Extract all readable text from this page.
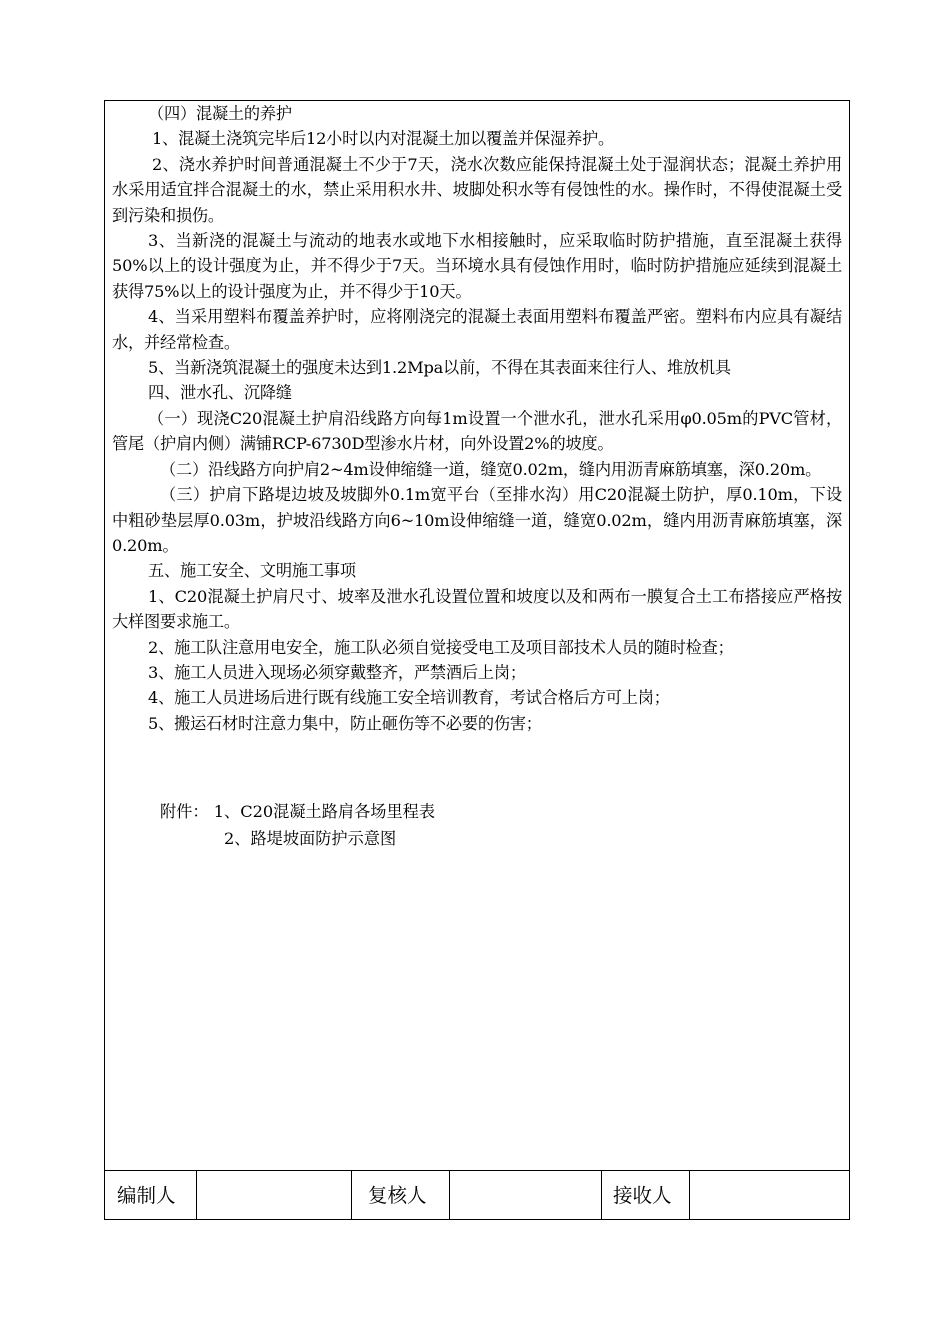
（四）混凝土的养护

1、混凝土浇筑完毕后12小时以内对混凝土加以覆盖并保湿养护。

2、浇水养护时间普通混凝土不少于7天，浇水次数应能保持混凝土处于湿润状态；混凝土养护用水采用适宜拌合混凝土的水，禁止采用积水井、坡脚处积水等有侵蚀性的水。操作时，不得使混凝土受到污染和损伤。

3、当新浇的混凝土与流动的地表水或地下水相接触时，应采取临时防护措施，直至混凝土获得50%以上的设计强度为止，并不得少于7天。当环境水具有侵蚀作用时，临时防护措施应延续到混凝土获得75%以上的设计强度为止，并不得少于10天。

4、当采用塑料布覆盖养护时，应将刚浇完的混凝土表面用塑料布覆盖严密。塑料布内应具有凝结水，并经常检查。

5、当新浇筑混凝土的强度未达到1.2Mpa以前，不得在其表面来往行人、堆放机具

四、泄水孔、沉降缝

（一）现浇C20混凝土护肩沿线路方向每1m设置一个泄水孔，泄水孔采用φ0.05m的PVC管材，管尾（护肩内侧）满铺RCP-6730D型渗水片材，向外设置2%的坡度。

（二）沿线路方向护肩2~4m设伸缩缝一道，缝宽0.02m，缝内用沥青麻筋填塞，深0.20m。

（三）护肩下路堤边坡及坡脚外0.1m宽平台（至排水沟）用C20混凝土防护，厚0.10m，下设中粗砂垫层厚0.03m，护坡沿线路方向6~10m设伸缩缝一道，缝宽0.02m，缝内用沥青麻筋填塞，深0.20m。

五、施工安全、文明施工事项

1、C20混凝土护肩尺寸、坡率及泄水孔设置位置和坡度以及和两布一膜复合土工布搭接应严格按大样图要求施工。

2、施工队注意用电安全，施工队必须自觉接受电工及项目部技术人员的随时检查；

3、施工人员进入现场必须穿戴整齐，严禁酒后上岗；

4、施工人员进场后进行既有线施工安全培训教育，考试合格后方可上岗；

5、搬运石材时注意力集中，防止砸伤等不必要的伤害；

附件： 1、C20混凝土路肩各场里程表
2、路堤坡面防护示意图
编制人	复核人	接收人
